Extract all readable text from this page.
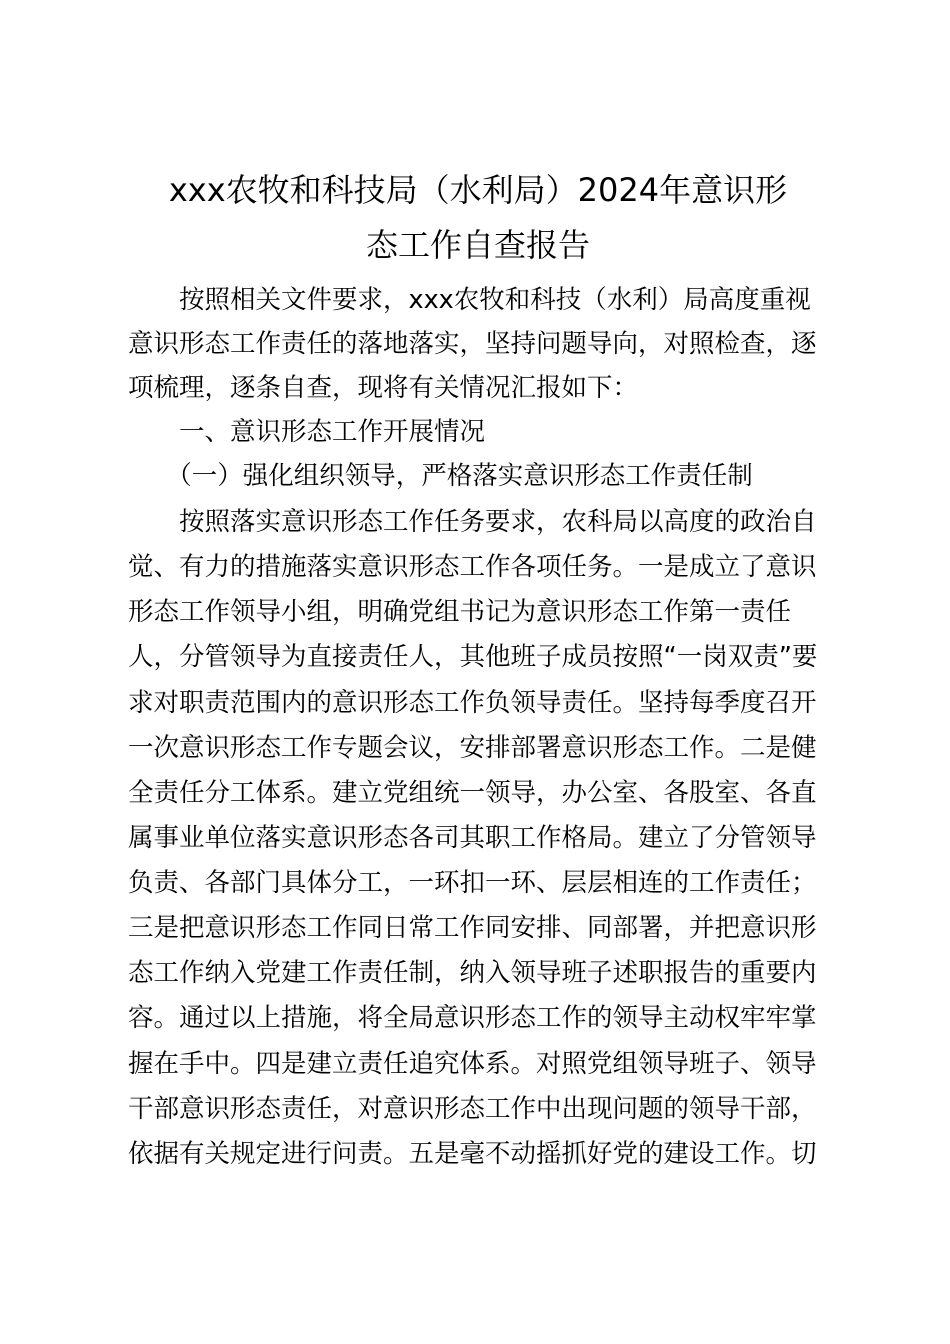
xxx农牧和科技局（水利局）2024年意识形
态工作自查报告

　　按照相关文件要求，xxx农牧和科技（水利）局高度重视

意识形态工作责任的落地落实，坚持问题导向，对照检查，逐

项梳理，逐条自查，现将有关情况汇报如下：

　　一、意识形态工作开展情况

　　（一）强化组织领导，严格落实意识形态工作责任制

　　按照落实意识形态工作任务要求，农科局以高度的政治自

觉、有力的措施落实意识形态工作各项任务。一是成立了意识

形态工作领导小组，明确党组书记为意识形态工作第一责任

人，分管领导为直接责任人，其他班子成员按照“一岗双责”要

求对职责范围内的意识形态工作负领导责任。坚持每季度召开

一次意识形态工作专题会议，安排部署意识形态工作。二是健

全责任分工体系。建立党组统一领导，办公室、各股室、各直

属事业单位落实意识形态各司其职工作格局。建立了分管领导

负责、各部门具体分工，一环扣一环、层层相连的工作责任；

三是把意识形态工作同日常工作同安排、同部署，并把意识形

态工作纳入党建工作责任制，纳入领导班子述职报告的重要内

容。通过以上措施，将全局意识形态工作的领导主动权牢牢掌

握在手中。四是建立责任追究体系。对照党组领导班子、领导

干部意识形态责任，对意识形态工作中出现问题的领导干部，

依据有关规定进行问责。五是毫不动摇抓好党的建设工作。切
